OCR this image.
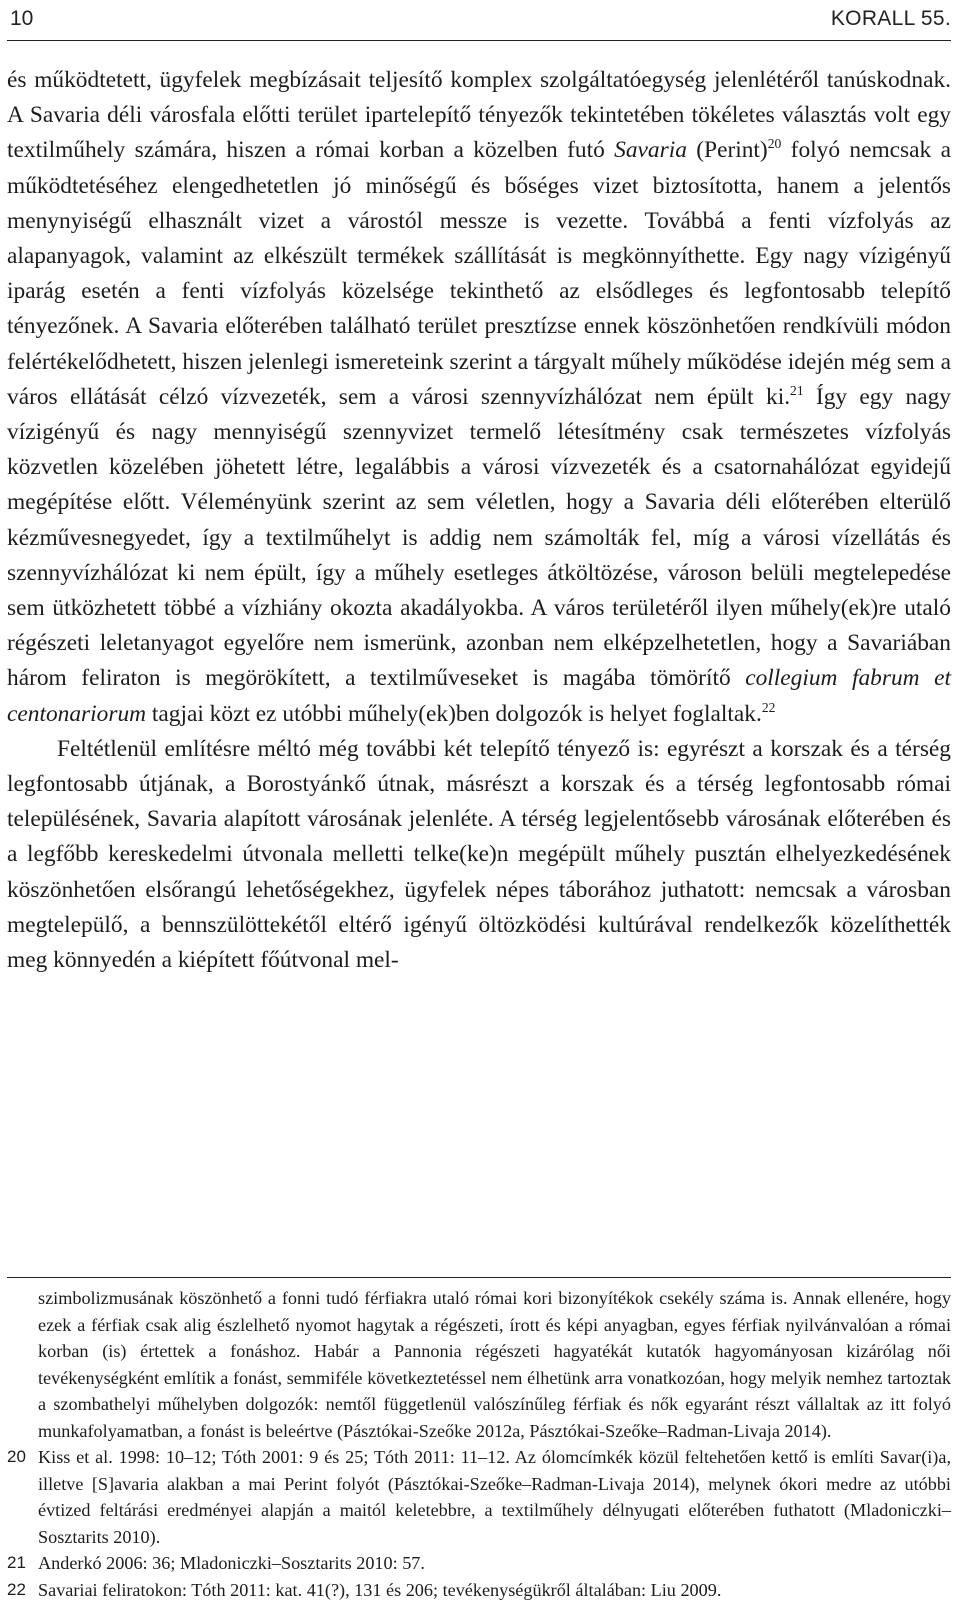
10	KORALL 55.

és működtetett, ügyfelek megbízásait teljesítő komplex szolgáltatóegység jelenlétéről tanúskodnak. A Savaria déli városfala előtti terület ipartelepítő tényezők tekintetében tökéletes választás volt egy textilműhely számára, hiszen a római korban a közelben futó Savaria (Perint)$^{20}$ folyó nemcsak a működtetéséhez elengedhetetlen jó minőségű és bőséges vizet biztosította, hanem a jelentős menynyiségű elhasznált vizet a várostól messze is vezette. Továbbá a fenti vízfolyás az alapanyagok, valamint az elkészült termékek szállítását is megkönnyíthette. Egy nagy vízigényű iparág esetén a fenti vízfolyás közelsége tekinthető az elsődleges és legfontosabb telepítő tényezőnek. A Savaria előterében található terület presztízse ennek köszönhetően rendkívüli módon felértékelődhetett, hiszen jelenlegi ismereteink szerint a tárgyalt műhely működése idején még sem a város ellátását célzó vízvezeték, sem a városi szennyvízhálózat nem épült ki.$^{21}$ Így egy nagy vízigényű és nagy mennyiségű szennyvizet termelő létesítmény csak természetes vízfolyás közvetlen közelében jöhetett létre, legalábbis a városi vízvezeték és a csatornahálózat egyidejű megépítése előtt. Véleményünk szerint az sem véletlen, hogy a Savaria déli előterében elterülő kézművesnegyedet, így a textilműhelyt is addig nem számolták fel, míg a városi vízellátás és szennyvízhálózat ki nem épült, így a műhely esetleges átköltözése, városon belüli megtelepedése sem ütközhetett többé a vízhiány okozta akadályokba. A város területéről ilyen műhely(ek)re utaló régészeti leletanyagot egyelőre nem ismerünk, azonban nem elképzelhetetlen, hogy a Savariában három feliraton is megörökített, a textilműveseket is magába tömörítő collegium fabrum et centonariorum tagjai közt ez utóbbi műhely(ek)ben dolgozók is helyet foglaltak.$^{22}$

Feltétlenül említésre méltó még további két telepítő tényező is: egyrészt a korszak és a térség legfontosabb útjának, a Borostyánkő útnak, másrészt a korszak és a térség legfontosabb római településének, Savaria alapított városának jelenléte. A térség legjelentősebb városának előterében és a legfőbb kereskedelmi útvonala melletti telke(ke)n megépült műhely pusztán elhelyezkedésének köszönhetően elsőrangú lehetőségekhez, ügyfelek népes táborához juthatott: nemcsak a városban megtelepülő, a bennszülöttekétől eltérő igényű öltözködési kultúrával rendelkezők közelíthették meg könnyedén a kiépített főútvonal mel-

szimbolizmusának köszönhető a fonni tudó férfiakra utaló római kori bizonyítékok csekély száma is. Annak ellenére, hogy ezek a férfiak csak alig észlelhető nyomot hagytak a régészeti, írott és képi anyagban, egyes férfiak nyilvánvalóan a római korban (is) értettek a fonáshoz. Habár a Pannonia régészeti hagyatékát kutatók hagyományosan kizárólag női tevékenységként említik a fonást, semmiféle következtetéssel nem élhetünk arra vonatkozóan, hogy melyik nemhez tartoztak a szombathelyi műhelyben dolgozók: nemtől függetlenül valószínűleg férfiak és nők egyaránt részt vállaltak az itt folyó munkafolyamatban, a fonást is beleértve (Pásztókai-Szeőke 2012a, Pásztókai-Szeőke–Radman-Livaja 2014).

20 Kiss et al. 1998: 10–12; Tóth 2001: 9 és 25; Tóth 2011: 11–12. Az ólomcímkék közül feltehetően kettő is említi Savar(i)a, illetve [S]avaria alakban a mai Perint folyót (Pásztókai-Szeőke–Radman-Livaja 2014), melynek ókori medre az utóbbi évtized feltárási eredményei alapján a maitól keletebbre, a textilműhely délnyugati előterében futhatott (Mladoniczki–Sosztarits 2010).

21 Anderkó 2006: 36; Mladoniczki–Sosztarits 2010: 57.

22 Savariai feliratokon: Tóth 2011: kat. 41(?), 131 és 206; tevékenységükről általában: Liu 2009.
